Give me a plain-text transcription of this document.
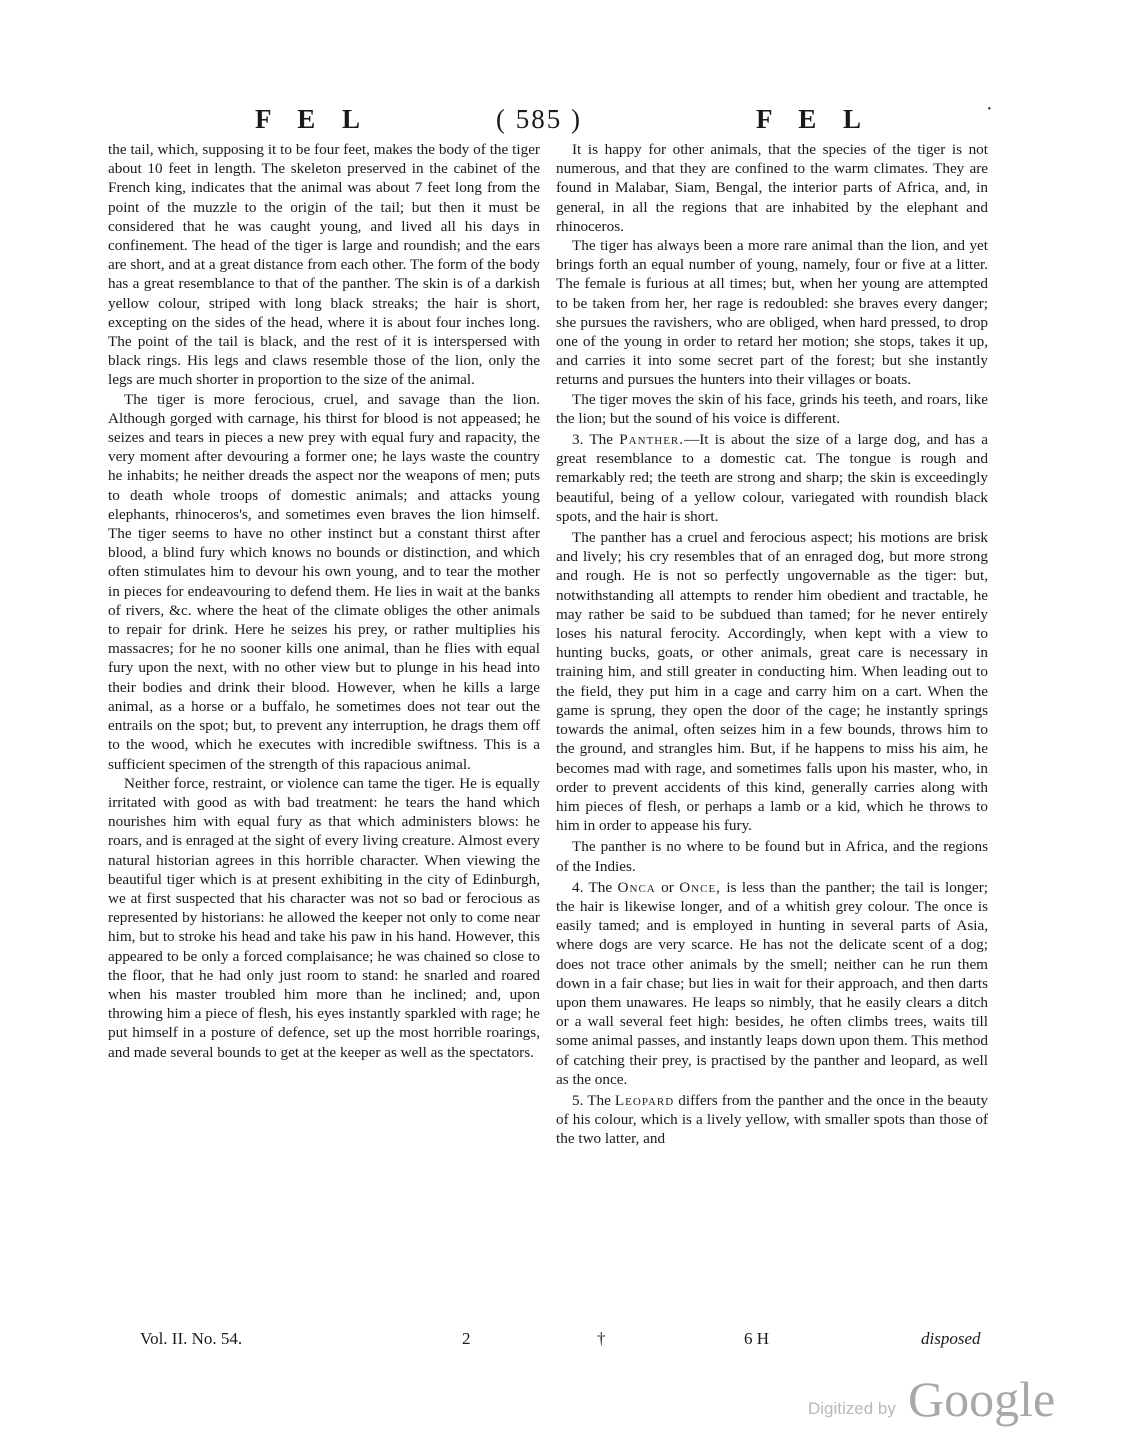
F E L	( 585 )	F E L	·

the tail, which, supposing it to be four feet, makes the body of the tiger about 10 feet in length. The skeleton preserved in the cabinet of the French king, indicates that the animal was about 7 feet long from the point of the muzzle to the origin of the tail; but then it must be considered that he was caught young, and lived all his days in confinement. The head of the tiger is large and roundish; and the ears are short, and at a great distance from each other. The form of the body has a great resemblance to that of the panther. The skin is of a darkish yellow colour, striped with long black streaks; the hair is short, excepting on the sides of the head, where it is about four inches long. The point of the tail is black, and the rest of it is interspersed with black rings. His legs and claws resemble those of the lion, only the legs are much shorter in proportion to the size of the animal.

The tiger is more ferocious, cruel, and savage than the lion. Although gorged with carnage, his thirst for blood is not appeased; he seizes and tears in pieces a new prey with equal fury and rapacity, the very moment after devouring a former one; he lays waste the country he inhabits; he neither dreads the aspect nor the weapons of men; puts to death whole troops of domestic animals; and attacks young elephants, rhinoceros's, and sometimes even braves the lion himself. The tiger seems to have no other instinct but a constant thirst after blood, a blind fury which knows no bounds or distinction, and which often stimulates him to devour his own young, and to tear the mother in pieces for endeavouring to defend them. He lies in wait at the banks of rivers, &c. where the heat of the climate obliges the other animals to repair for drink. Here he seizes his prey, or rather multiplies his massacres; for he no sooner kills one animal, than he flies with equal fury upon the next, with no other view but to plunge in his head into their bodies and drink their blood. However, when he kills a large animal, as a horse or a buffalo, he sometimes does not tear out the entrails on the spot; but, to prevent any interruption, he drags them off to the wood, which he executes with incredible swiftness. This is a sufficient specimen of the strength of this rapacious animal.

Neither force, restraint, or violence can tame the tiger. He is equally irritated with good as with bad treatment: he tears the hand which nourishes him with equal fury as that which administers blows: he roars, and is enraged at the sight of every living creature. Almost every natural historian agrees in this horrible character. When viewing the beautiful tiger which is at present exhibiting in the city of Edinburgh, we at first suspected that his character was not so bad or ferocious as represented by historians: he allowed the keeper not only to come near him, but to stroke his head and take his paw in his hand. However, this appeared to be only a forced complaisance; he was chained so close to the floor, that he had only just room to stand: he snarled and roared when his master troubled him more than he inclined; and, upon throwing him a piece of flesh, his eyes instantly sparkled with rage; he put himself in a posture of defence, set up the most horrible roarings, and made several bounds to get at the keeper as well as the spectators.

It is happy for other animals, that the species of the tiger is not numerous, and that they are confined to the warm climates. They are found in Malabar, Siam, Bengal, the interior parts of Africa, and, in general, in all the regions that are inhabited by the elephant and rhinoceros.

The tiger has always been a more rare animal than the lion, and yet brings forth an equal number of young, namely, four or five at a litter. The female is furious at all times; but, when her young are attempted to be taken from her, her rage is redoubled: she braves every danger; she pursues the ravishers, who are obliged, when hard pressed, to drop one of the young in order to retard her motion; she stops, takes it up, and carries it into some secret part of the forest; but she instantly returns and pursues the hunters into their villages or boats.

The tiger moves the skin of his face, grinds his teeth, and roars, like the lion; but the sound of his voice is different.

3. The Panther.—It is about the size of a large dog, and has a great resemblance to a domestic cat. The tongue is rough and remarkably red; the teeth are strong and sharp; the skin is exceedingly beautiful, being of a yellow colour, variegated with roundish black spots, and the hair is short.

The panther has a cruel and ferocious aspect; his motions are brisk and lively; his cry resembles that of an enraged dog, but more strong and rough. He is not so perfectly ungovernable as the tiger: but, notwithstanding all attempts to render him obedient and tractable, he may rather be said to be subdued than tamed; for he never entirely loses his natural ferocity. Accordingly, when kept with a view to hunting bucks, goats, or other animals, great care is necessary in training him, and still greater in conducting him. When leading out to the field, they put him in a cage and carry him on a cart. When the game is sprung, they open the door of the cage; he instantly springs towards the animal, often seizes him in a few bounds, throws him to the ground, and strangles him. But, if he happens to miss his aim, he becomes mad with rage, and sometimes falls upon his master, who, in order to prevent accidents of this kind, generally carries along with him pieces of flesh, or perhaps a lamb or a kid, which he throws to him in order to appease his fury.

The panther is no where to be found but in Africa, and the regions of the Indies.

4. The Onca or Once, is less than the panther; the tail is longer; the hair is likewise longer, and of a whitish grey colour. The once is easily tamed; and is employed in hunting in several parts of Asia, where dogs are very scarce. He has not the delicate scent of a dog; does not trace other animals by the smell; neither can he run them down in a fair chase; but lies in wait for their approach, and then darts upon them unawares. He leaps so nimbly, that he easily clears a ditch or a wall several feet high: besides, he often climbs trees, waits till some animal passes, and instantly leaps down upon them. This method of catching their prey, is practised by the panther and leopard, as well as the once.

5. The Leopard differs from the panther and the once in the beauty of his colour, which is a lively yellow, with smaller spots than those of the two latter, and

Vol. II. No. 54.	2	†	6 H	disposed
Digitized by Google
